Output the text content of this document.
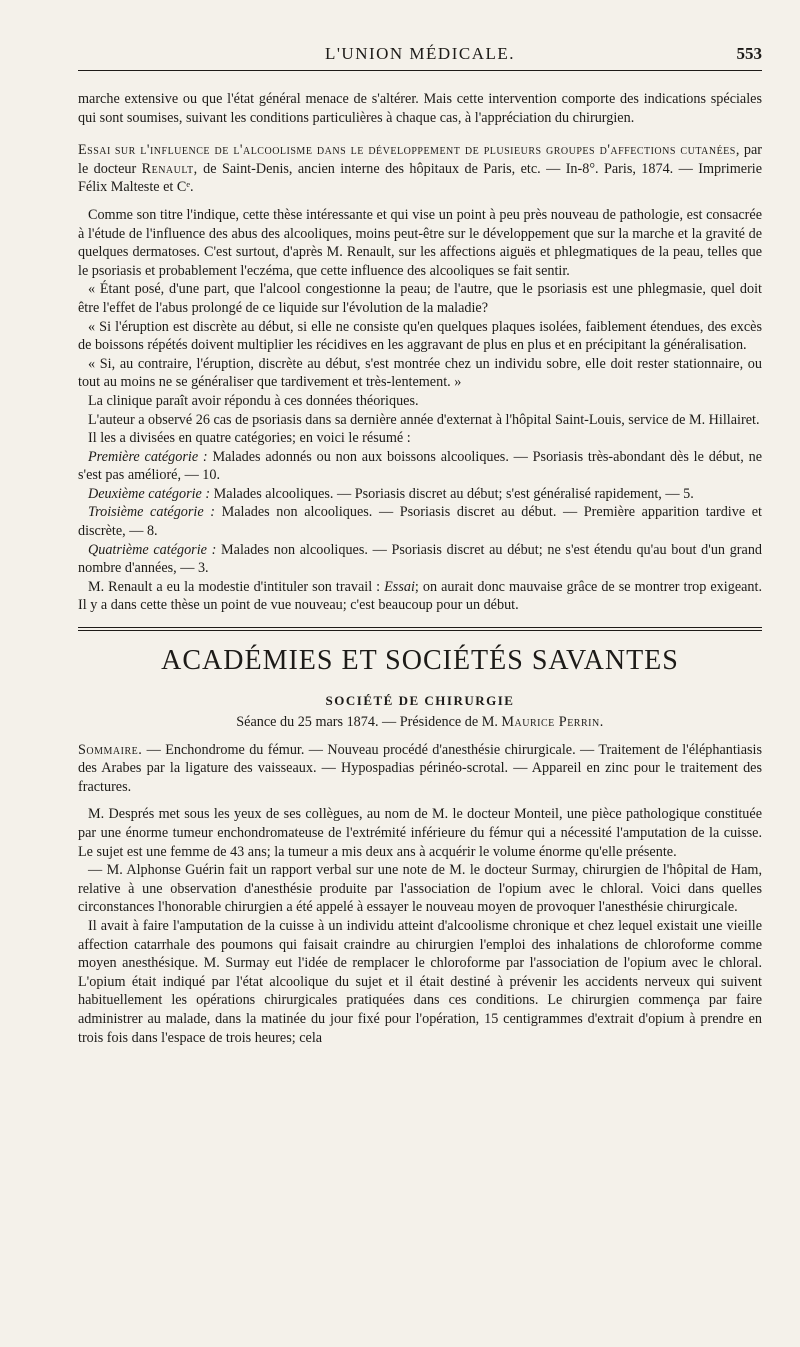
L'UNION MÉDICALE.	553

marche extensive ou que l'état général menace de s'altérer. Mais cette intervention comporte des indications spéciales qui sont soumises, suivant les conditions particulières à chaque cas, à l'appréciation du chirurgien.

Essai sur l'influence de l'alcoolisme dans le développement de plusieurs groupes d'affections cutanées, par le docteur Renault, de Saint-Denis, ancien interne des hôpitaux de Paris, etc. — In-8°. Paris, 1874. — Imprimerie Félix Malteste et Cᵉ.

Comme son titre l'indique, cette thèse intéressante et qui vise un point à peu près nouveau de pathologie, est consacrée à l'étude de l'influence des abus des alcooliques, moins peut-être sur le développement que sur la marche et la gravité de quelques dermatoses. C'est surtout, d'après M. Renault, sur les affections aiguës et phlegmatiques de la peau, telles que le psoriasis et probablement l'eczéma, que cette influence des alcooliques se fait sentir.

« Étant posé, d'une part, que l'alcool congestionne la peau; de l'autre, que le psoriasis est une phlegmasie, quel doit être l'effet de l'abus prolongé de ce liquide sur l'évolution de la maladie?

« Si l'éruption est discrète au début, si elle ne consiste qu'en quelques plaques isolées, faiblement étendues, des excès de boissons répétés doivent multiplier les récidives en les aggravant de plus en plus et en précipitant la généralisation.

« Si, au contraire, l'éruption, discrète au début, s'est montrée chez un individu sobre, elle doit rester stationnaire, ou tout au moins ne se généraliser que tardivement et très-lentement. »

La clinique paraît avoir répondu à ces données théoriques.

L'auteur a observé 26 cas de psoriasis dans sa dernière année d'externat à l'hôpital Saint-Louis, service de M. Hillairet.

Il les a divisées en quatre catégories; en voici le résumé :

Première catégorie : Malades adonnés ou non aux boissons alcooliques. — Psoriasis très-abondant dès le début, ne s'est pas amélioré, — 10.

Deuxième catégorie : Malades alcooliques. — Psoriasis discret au début; s'est généralisé rapidement, — 5.

Troisième catégorie : Malades non alcooliques. — Psoriasis discret au début. — Première apparition tardive et discrète, — 8.

Quatrième catégorie : Malades non alcooliques. — Psoriasis discret au début; ne s'est étendu qu'au bout d'un grand nombre d'années, — 3.

M. Renault a eu la modestie d'intituler son travail : Essai; on aurait donc mauvaise grâce de se montrer trop exigeant. Il y a dans cette thèse un point de vue nouveau; c'est beaucoup pour un début.

ACADÉMIES ET SOCIÉTÉS SAVANTES
SOCIÉTÉ DE CHIRURGIE
Séance du 25 mars 1874. — Présidence de M. Maurice Perrin.

Sommaire. — Enchondrome du fémur. — Nouveau procédé d'anesthésie chirurgicale. — Traitement de l'éléphantiasis des Arabes par la ligature des vaisseaux. — Hypospadias périnéo-scrotal. — Appareil en zinc pour le traitement des fractures.

M. Després met sous les yeux de ses collègues, au nom de M. le docteur Monteil, une pièce pathologique constituée par une énorme tumeur enchondromateuse de l'extrémité inférieure du fémur qui a nécessité l'amputation de la cuisse. Le sujet est une femme de 43 ans; la tumeur a mis deux ans à acquérir le volume énorme qu'elle présente.

— M. Alphonse Guérin fait un rapport verbal sur une note de M. le docteur Surmay, chirurgien de l'hôpital de Ham, relative à une observation d'anesthésie produite par l'association de l'opium avec le chloral. Voici dans quelles circonstances l'honorable chirurgien a été appelé à essayer le nouveau moyen de provoquer l'anesthésie chirurgicale.

Il avait à faire l'amputation de la cuisse à un individu atteint d'alcoolisme chronique et chez lequel existait une vieille affection catarrhale des poumons qui faisait craindre au chirurgien l'emploi des inhalations de chloroforme comme moyen anesthésique. M. Surmay eut l'idée de remplacer le chloroforme par l'association de l'opium avec le chloral. L'opium était indiqué par l'état alcoolique du sujet et il était destiné à prévenir les accidents nerveux qui suivent habituellement les opérations chirurgicales pratiquées dans ces conditions. Le chirurgien commença par faire administrer au malade, dans la matinée du jour fixé pour l'opération, 15 centigrammes d'extrait d'opium à prendre en trois fois dans l'espace de trois heures; cela
